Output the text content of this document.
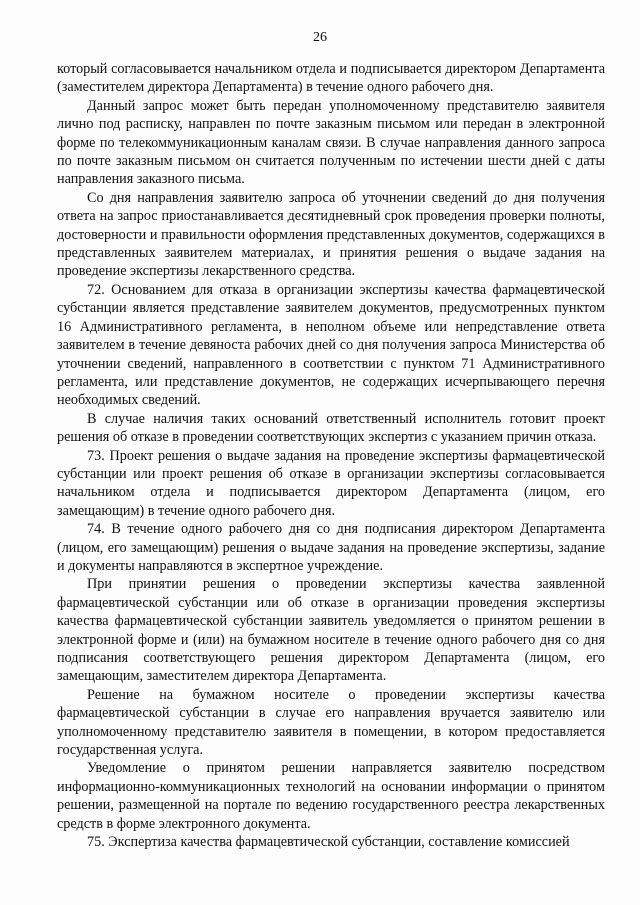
26

который согласовывается начальником отдела и подписывается директором Департамента (заместителем директора Департамента) в течение одного рабочего дня.

Данный запрос может быть передан уполномоченному представителю заявителя лично под расписку, направлен по почте заказным письмом или передан в электронной форме по телекоммуникационным каналам связи. В случае направления данного запроса по почте заказным письмом он считается полученным по истечении шести дней с даты направления заказного письма.

Со дня направления заявителю запроса об уточнении сведений до дня получения ответа на запрос приостанавливается десятидневный срок проведения проверки полноты, достоверности и правильности оформления представленных документов, содержащихся в представленных заявителем материалах, и принятия решения о выдаче задания на проведение экспертизы лекарственного средства.

72. Основанием для отказа в организации экспертизы качества фармацевтической субстанции является представление заявителем документов, предусмотренных пунктом 16 Административного регламента, в неполном объеме или непредставление ответа заявителем в течение девяноста рабочих дней со дня получения запроса Министерства об уточнении сведений, направленного в соответствии с пунктом 71 Административного регламента, или представление документов, не содержащих исчерпывающего перечня необходимых сведений.

В случае наличия таких оснований ответственный исполнитель готовит проект решения об отказе в проведении соответствующих экспертиз с указанием причин отказа.

73. Проект решения о выдаче задания на проведение экспертизы фармацевтической субстанции или проект решения об отказе в организации экспертизы согласовывается начальником отдела и подписывается директором Департамента (лицом, его замещающим) в течение одного рабочего дня.

74. В течение одного рабочего дня со дня подписания директором Департамента (лицом, его замещающим) решения о выдаче задания на проведение экспертизы, задание и документы направляются в экспертное учреждение.

При принятии решения о проведении экспертизы качества заявленной фармацевтической субстанции или об отказе в организации проведения экспертизы качества фармацевтической субстанции заявитель уведомляется о принятом решении в электронной форме и (или) на бумажном носителе в течение одного рабочего дня со дня подписания соответствующего решения директором Департамента (лицом, его замещающим, заместителем директора Департамента.

Решение на бумажном носителе о проведении экспертизы качества фармацевтической субстанции в случае его направления вручается заявителю или уполномоченному представителю заявителя в помещении, в котором предоставляется государственная услуга.

Уведомление о принятом решении направляется заявителю посредством информационно-коммуникационных технологий на основании информации о принятом решении, размещенной на портале по ведению государственного реестра лекарственных средств в форме электронного документа.

75. Экспертиза качества фармацевтической субстанции, составление комиссией
